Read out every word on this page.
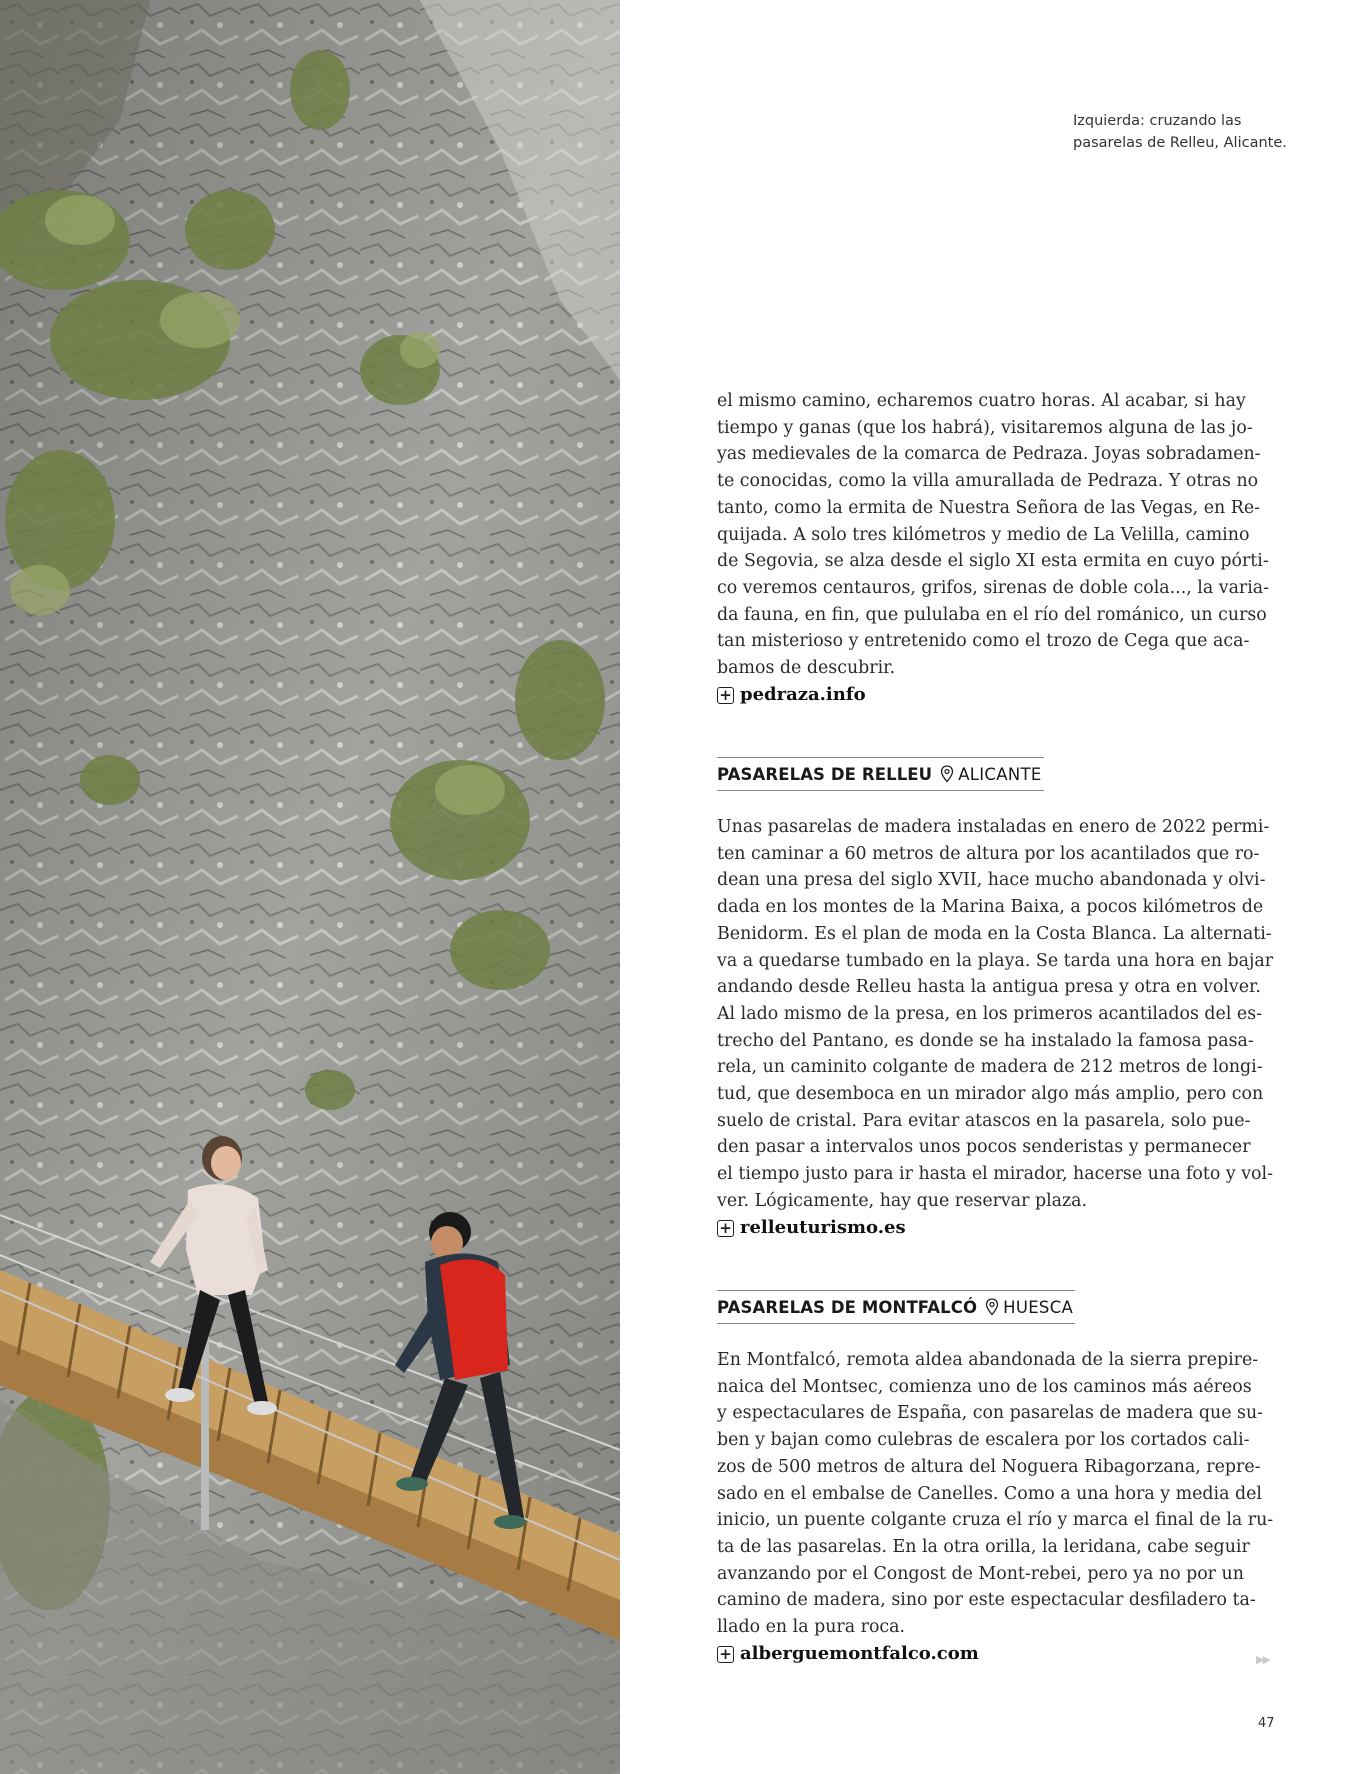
Izquierda: cruzando las
pasarelas de Relleu, Alicante.

el mismo camino, echaremos cuatro horas. Al acabar, si hay

tiempo y ganas (que los habrá), visitaremos alguna de las jo-

yas medievales de la comarca de Pedraza. Joyas sobradamen-

te conocidas, como la villa amurallada de Pedraza. Y otras no

tanto, como la ermita de Nuestra Señora de las Vegas, en Re-

quijada. A solo tres kilómetros y medio de La Velilla, camino

de Segovia, se alza desde el siglo XI esta ermita en cuyo pórti-

co veremos centauros, grifos, sirenas de doble cola..., la varia-

da fauna, en fin, que pululaba en el río del románico, un curso

tan misterioso y entretenido como el trozo de Cega que aca-

bamos de descubrir.

+ pedraza.info
PASARELAS DE RELLEU ALICANTE

Unas pasarelas de madera instaladas en enero de 2022 permi-

ten caminar a 60 metros de altura por los acantilados que ro-

dean una presa del siglo XVII, hace mucho abandonada y olvi-

dada en los montes de la Marina Baixa, a pocos kilómetros de

Benidorm. Es el plan de moda en la Costa Blanca. La alternati-

va a quedarse tumbado en la playa. Se tarda una hora en bajar

andando desde Relleu hasta la antigua presa y otra en volver.

Al lado mismo de la presa, en los primeros acantilados del es-

trecho del Pantano, es donde se ha instalado la famosa pasa-

rela, un caminito colgante de madera de 212 metros de longi-

tud, que desemboca en un mirador algo más amplio, pero con

suelo de cristal. Para evitar atascos en la pasarela, solo pue-

den pasar a intervalos unos pocos senderistas y permanecer

el tiempo justo para ir hasta el mirador, hacerse una foto y vol-

ver. Lógicamente, hay que reservar plaza.

+ relleuturismo.es
PASARELAS DE MONTFALCÓ HUESCA

En Montfalcó, remota aldea abandonada de la sierra prepire-

naica del Montsec, comienza uno de los caminos más aéreos

y espectaculares de España, con pasarelas de madera que su-

ben y bajan como culebras de escalera por los cortados cali-

zos de 500 metros de altura del Noguera Ribagorzana, repre-

sado en el embalse de Canelles. Como a una hora y media del

inicio, un puente colgante cruza el río y marca el final de la ru-

ta de las pasarelas. En la otra orilla, la leridana, cabe seguir

avanzando por el Congost de Mont-rebei, pero ya no por un

camino de madera, sino por este espectacular desfiladero ta-

llado en la pura roca.

+ alberguemontfalco.com	▶▶
47
